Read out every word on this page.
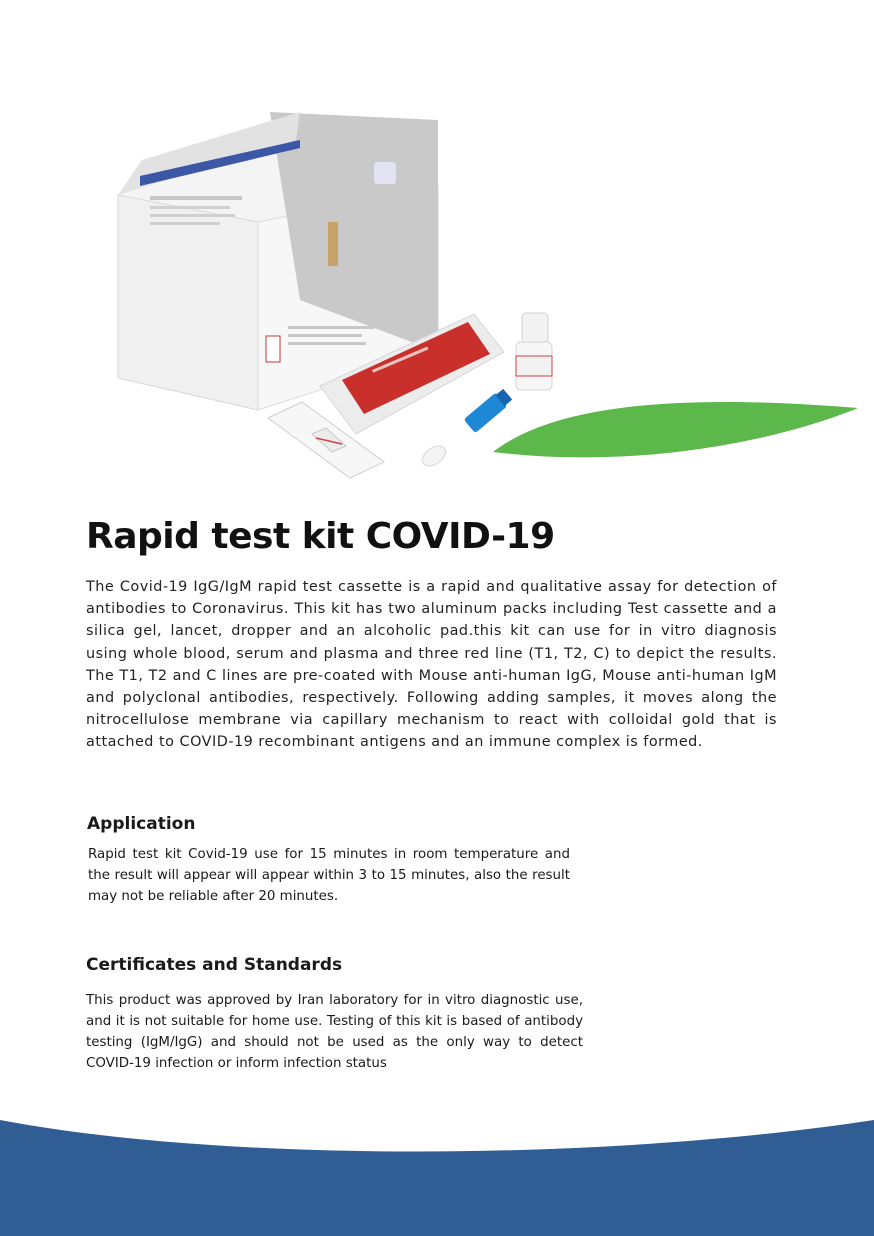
Rapid test kit COVID-19

The Covid-19 IgG/IgM rapid test cassette is a rapid and qualitative assay for detection of antibodies to Coronavirus. This kit has two aluminum packs including Test cassette and a silica gel, lancet, dropper and an alcoholic pad.this kit can use for in vitro diagnosis using whole blood, serum and plasma and three red line (T1, T2, C) to depict the results. The T1, T2 and C lines are pre-coated with Mouse anti-human IgG, Mouse anti-human IgM and polyclonal antibodies, respectively. Following adding samples, it moves along the nitrocellulose membrane via capillary mechanism to react with colloidal gold that is attached to COVID-19 recombinant antigens and an immune complex is formed.

Application

Rapid test kit Covid-19 use for 15 minutes in room temperature and the result will appear will appear within 3 to 15 minutes, also the result may not be reliable after 20 minutes.

Certificates and Standards

This product was approved by Iran laboratory for in vitro diagnostic use, and it is not suitable for home use. Testing of this kit is based of antibody testing (IgM/IgG) and should not be used as the only way to detect COVID-19 infection or inform infection status
